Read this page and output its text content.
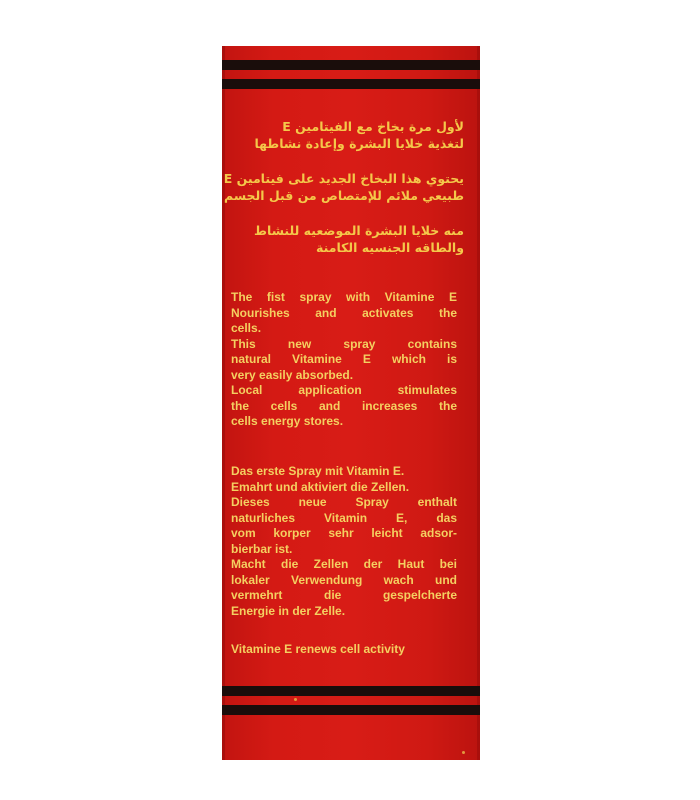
لأول مرة بخاخ مع الفيتامين E
لتغذية خلايا البشرة وإعادة نشاطها
يحتوي هذا البخاخ الجديد على فيتامين E
طبيعي ملائم للإمتصاص من قبل الجسم
منه خلايا البشرة الموضعيه للنشاط
والطاقه الجنسيه الكامنة
The fist spray with Vitamine E
Nourishes and activates the
cells.
This new spray contains
natural Vitamine E which is
very easily absorbed.
Local application stimulates
the cells and increases the
cells energy stores.
Das erste Spray mit Vitamin E.
Emahrt und aktiviert die Zellen.
Dieses neue Spray enthalt
naturliches Vitamin E, das
vom korper sehr leicht adsor-
bierbar ist.
Macht die Zellen der Haut bei
lokaler Verwendung wach und
vermehrt die gespelcherte
Energie in der Zelle.
Vitamine E renews cell activity
